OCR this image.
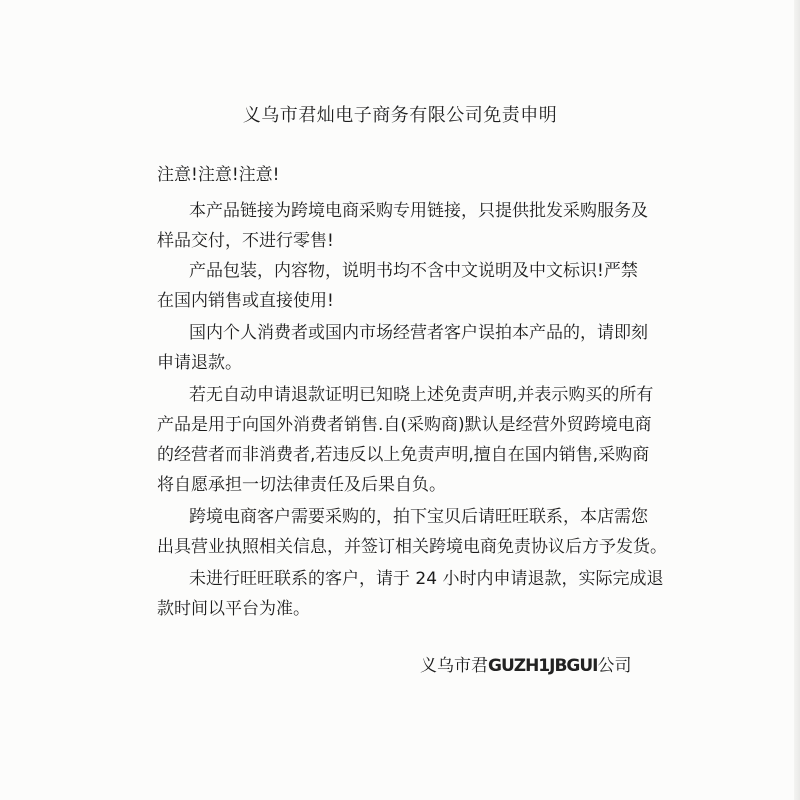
义乌市君灿电子商务有限公司免责申明
注意!注意!注意!
本产品链接为跨境电商采购专用链接，只提供批发采购服务及
样品交付，不进行零售!
产品包装，内容物，说明书均不含中文说明及中文标识!严禁
在国内销售或直接使用!
国内个人消费者或国内市场经营者客户误拍本产品的，请即刻
申请退款。
若无自动申请退款证明已知晓上述免责声明,并表示购买的所有
产品是用于向国外消费者销售.自(采购商)默认是经营外贸跨境电商
的经营者而非消费者,若违反以上免责声明,擅自在国内销售,采购商
将自愿承担一切法律责任及后果自负。
跨境电商客户需要采购的，拍下宝贝后请旺旺联系，本店需您
出具营业执照相关信息，并签订相关跨境电商免责协议后方予发货。
未进行旺旺联系的客户，请于 24 小时内申请退款，实际完成退
款时间以平台为准。
义乌市君GUZH1JBGUI公司
